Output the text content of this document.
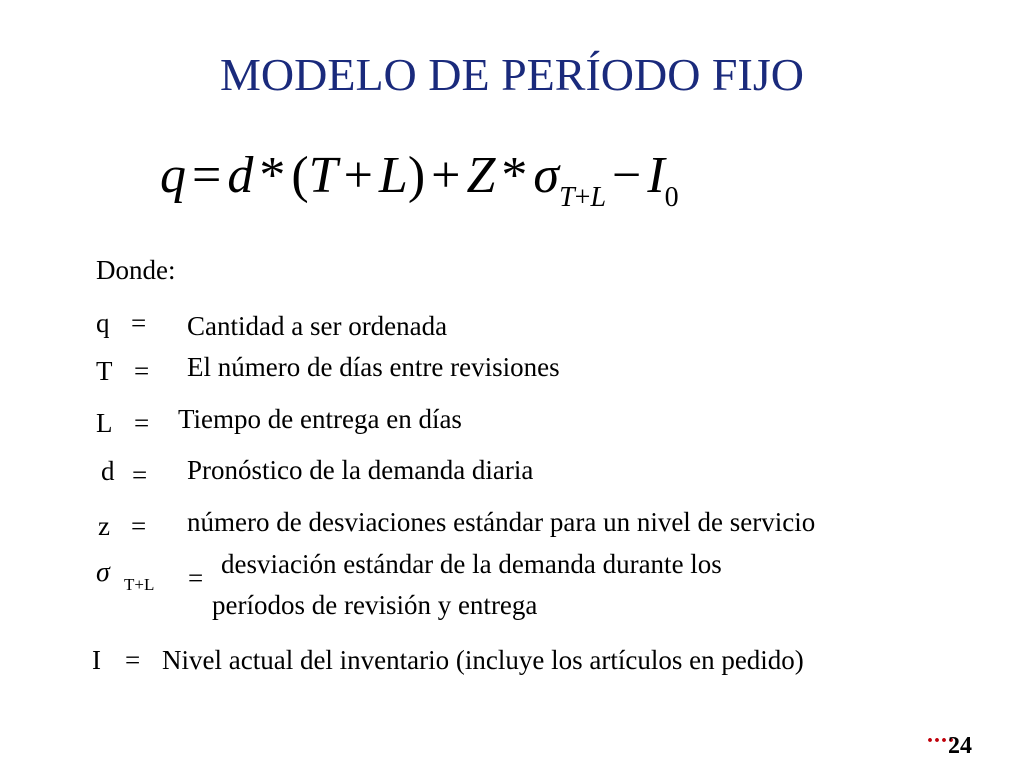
MODELO DE PERÍODO FIJO
$q = d * (T + L) + Z * \sigma_{T+L} - I_0$
Donde:
q = Cantidad a ser ordenada
T = El número de días entre revisiones
L = Tiempo de entrega en días
d = Pronóstico de la demanda diaria
z = número de desviaciones estándar para un nivel de servicio
σ T+L = desviación estándar de la demanda durante los
períodos de revisión y entrega
I = Nivel actual del inventario (incluye los artículos en pedido)
····
24
